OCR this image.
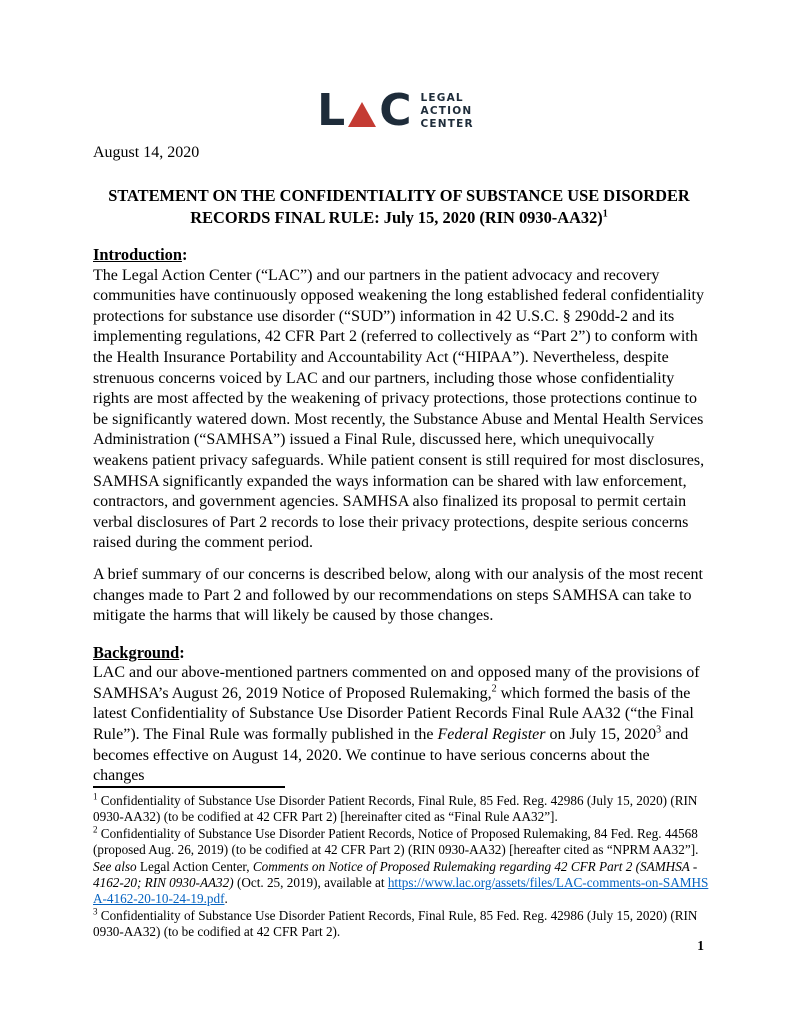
L C LEGAL
ACTION
CENTER

August 14, 2020

STATEMENT ON THE CONFIDENTIALITY OF SUBSTANCE USE DISORDER
RECORDS FINAL RULE: July 15, 2020 (RIN 0930-AA32)$^1$
Introduction:

The Legal Action Center (“LAC”) and our partners in the patient advocacy and recovery communities have continuously opposed weakening the long established federal confidentiality protections for substance use disorder (“SUD”) information in 42 U.S.C. § 290dd-2 and its implementing regulations, 42 CFR Part 2 (referred to collectively as “Part 2”) to conform with the Health Insurance Portability and Accountability Act (“HIPAA”). Nevertheless, despite strenuous concerns voiced by LAC and our partners, including those whose confidentiality rights are most affected by the weakening of privacy protections, those protections continue to be significantly watered down. Most recently, the Substance Abuse and Mental Health Services Administration (“SAMHSA”) issued a Final Rule, discussed here, which unequivocally weakens patient privacy safeguards. While patient consent is still required for most disclosures, SAMHSA significantly expanded the ways information can be shared with law enforcement, contractors, and government agencies. SAMHSA also finalized its proposal to permit certain verbal disclosures of Part 2 records to lose their privacy protections, despite serious concerns raised during the comment period.

A brief summary of our concerns is described below, along with our analysis of the most recent changes made to Part 2 and followed by our recommendations on steps SAMHSA can take to mitigate the harms that will likely be caused by those changes.

Background:

LAC and our above-mentioned partners commented on and opposed many of the provisions of SAMHSA’s August 26, 2019 Notice of Proposed Rulemaking,$^2$ which formed the basis of the latest Confidentiality of Substance Use Disorder Patient Records Final Rule AA32 (“the Final Rule”). The Final Rule was formally published in the Federal Register on July 15, 2020$^3$ and becomes effective on August 14, 2020. We continue to have serious concerns about the changes

$^1$ Confidentiality of Substance Use Disorder Patient Records, Final Rule, 85 Fed. Reg. 42986 (July 15, 2020) (RIN 0930-AA32) (to be codified at 42 CFR Part 2) [hereinafter cited as “Final Rule AA32”].

$^2$ Confidentiality of Substance Use Disorder Patient Records, Notice of Proposed Rulemaking, 84 Fed. Reg. 44568 (proposed Aug. 26, 2019) (to be codified at 42 CFR Part 2) (RIN 0930-AA32) [hereafter cited as “NPRM AA32”]. See also Legal Action Center, Comments on Notice of Proposed Rulemaking regarding 42 CFR Part 2 (SAMHSA - 4162-20; RIN 0930-AA32) (Oct. 25, 2019), available at https://www.lac.org/assets/files/LAC-comments-on-SAMHSA-4162-20-10-24-19.pdf.

$^3$ Confidentiality of Substance Use Disorder Patient Records, Final Rule, 85 Fed. Reg. 42986 (July 15, 2020) (RIN 0930-AA32) (to be codified at 42 CFR Part 2).

1
